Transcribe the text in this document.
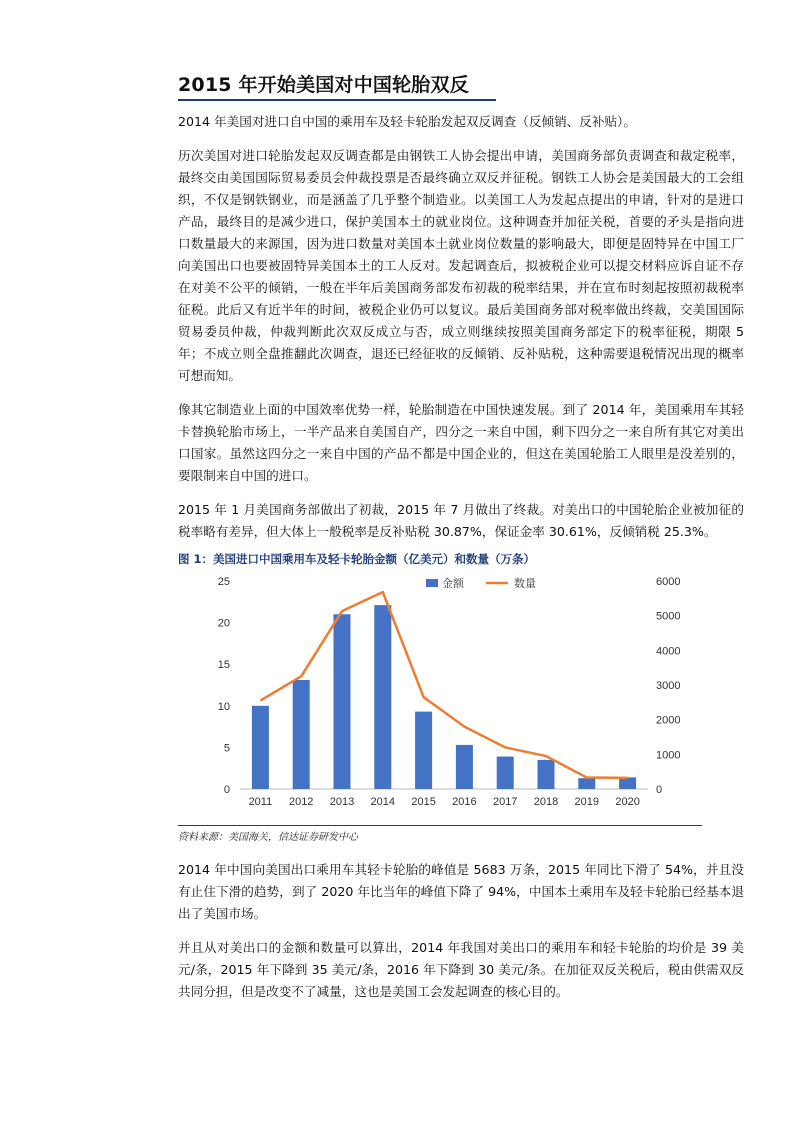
2015 年开始美国对中国轮胎双反

2014 年美国对进口自中国的乘用车及轻卡轮胎发起双反调查（反倾销、反补贴）。

历次美国对进口轮胎发起双反调查都是由钢铁工人协会提出申请，美国商务部负责调查和裁定税率，最终交由美国国际贸易委员会仲裁投票是否最终确立双反并征税。钢铁工人协会是美国最大的工会组织，不仅是钢铁钢业，而是涵盖了几乎整个制造业。以美国工人为发起点提出的申请，针对的是进口产品，最终目的是减少进口，保护美国本土的就业岗位。这种调查并加征关税，首要的矛头是指向进口数量最大的来源国，因为进口数量对美国本土就业岗位数量的影响最大，即便是固特异在中国工厂向美国出口也要被固特异美国本土的工人反对。发起调查后，拟被税企业可以提交材料应诉自证不存在对美不公平的倾销，一般在半年后美国商务部发布初裁的税率结果，并在宣布时刻起按照初裁税率征税。此后又有近半年的时间，被税企业仍可以复议。最后美国商务部对税率做出终裁，交美国国际贸易委员仲裁，仲裁判断此次双反成立与否，成立则继续按照美国商务部定下的税率征税，期限 5 年；不成立则全盘推翻此次调查，退还已经征收的反倾销、反补贴税，这种需要退税情况出现的概率可想而知。

像其它制造业上面的中国效率优势一样，轮胎制造在中国快速发展。到了 2014 年，美国乘用车其轻卡替换轮胎市场上，一半产品来自美国自产，四分之一来自中国，剩下四分之一来自所有其它对美出口国家。虽然这四分之一来自中国的产品不都是中国企业的，但这在美国轮胎工人眼里是没差别的，要限制来自中国的进口。

2015 年 1 月美国商务部做出了初裁，2015 年 7 月做出了终裁。对美出口的中国轮胎企业被加征的税率略有差异，但大体上一般税率是反补贴税 30.87%，保证金率 30.61%，反倾销税 25.3%。

图 1：美国进口中国乘用车及轻卡轮胎金额（亿美元）和数量（万条）
0
5
10
15
20
25
0
1000
2000
3000
4000
5000
6000
2011 2012 2013 2014 2015 2016 2017 2018 2019 2020
金额	数量
资料来源：美国海关，信达证券研发中心

2014 年中国向美国出口乘用车其轻卡轮胎的峰值是 5683 万条，2015 年同比下滑了 54%，并且没有止住下滑的趋势，到了 2020 年比当年的峰值下降了 94%，中国本土乘用车及轻卡轮胎已经基本退出了美国市场。

并且从对美出口的金额和数量可以算出，2014 年我国对美出口的乘用车和轻卡轮胎的均价是 39 美元/条，2015 年下降到 35 美元/条，2016 年下降到 30 美元/条。在加征双反关税后，税由供需双反共同分担，但是改变不了减量，这也是美国工会发起调查的核心目的。
